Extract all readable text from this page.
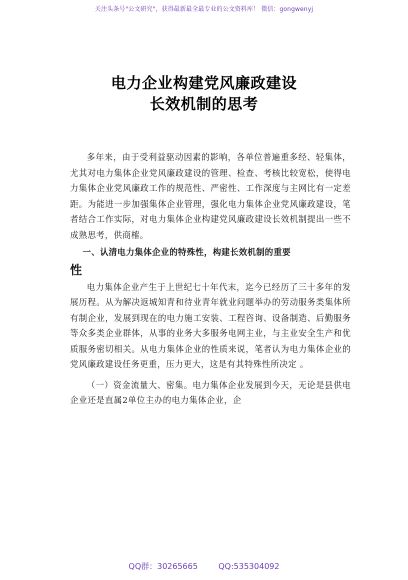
关注头条号"公文研究"，获得最新最全最专业的公文资料库！ 微信：gongwenyj
电力企业构建党风廉政建设
长效机制的思考

多年来，由于受利益驱动因素的影响，各单位普遍重多经、轻集体，尤其对电力集体企业党风廉政建设的管理、检查、考核比较宽松，使得电力集体企业党风廉政工作的规范性、严密性、工作深度与主网比有一定差距。为能进一步加强集体企业管理，强化电力集体企业党风廉政建设，笔者结合工作实际，对电力集体企业构建党风廉政建设长效机制提出一些不成熟思考，供商榷。

一、认清电力集体企业的特殊性，构建长效机制的重要
性

电力集体企业产生于上世纪七十年代末，迄今已经历了三十多年的发展历程。从为解决返城知青和待业青年就业问题举办的劳动服务类集体所有制企业，发展到现在的电力施工安装、工程咨询、设备制造、后勤服务等众多类企业群体，从事的业务大多服务电网主业，与主业安全生产和优质服务密切相关。从电力集体企业的性质来说，笔者认为电力集体企业的党风廉政建设任务更重，压力更大，这是有其特殊性所决定 。

（一）资金流量大、密集。电力集体企业发展到今天，无论是县供电企业还是直属2单位主办的电力集体企业，企

QQ群：30265665	QQ:535304092
